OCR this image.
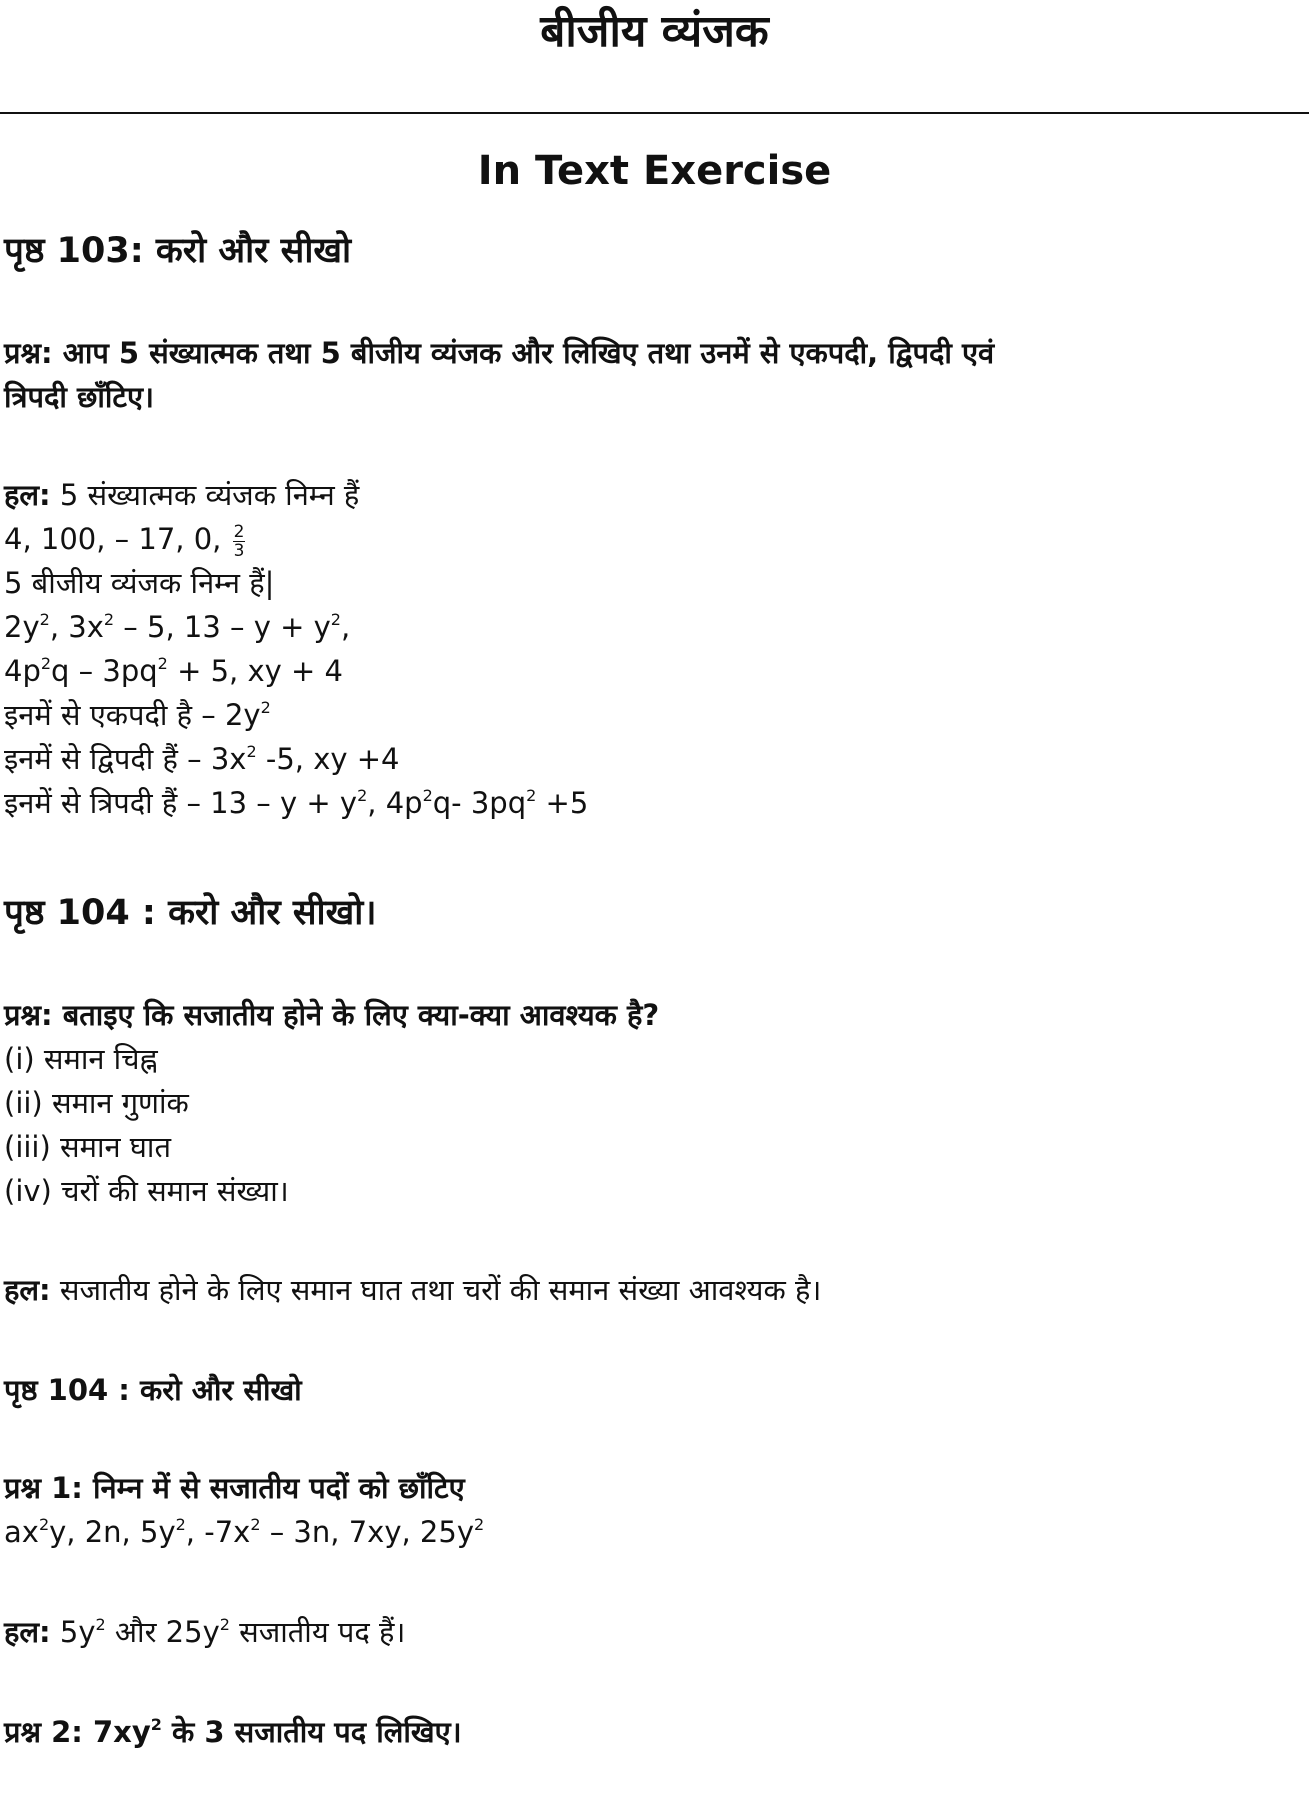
बीजीय व्यंजक
In Text Exercise
पृष्ठ 103: करो और सीखो
प्रश्न: आप 5 संख्यात्मक तथा 5 बीजीय व्यंजक और लिखिए तथा उनमें से एकपदी, द्विपदी एवं
त्रिपदी छाँटिए।
हल: 5 संख्यात्मक व्यंजक निम्न हैं
4, 100, – 17, 0, $\frac{2}{3}$
5 बीजीय व्यंजक निम्न हैं|
$2y^2$, $3x^2 - 5$, $13 - y + y^2$,
$4p^2q - 3pq^2 + 5$, xy + 4
इनमें से एकपदी है – $2y^2$
इनमें से द्विपदी हैं – $3x^2$ -5, xy +4
इनमें से त्रिपदी हैं – $13 - y + y^2$, $4p^2q-$ $3pq^2 +5$
पृष्ठ 104 : करो और सीखो।
प्रश्न: बताइए कि सजातीय होने के लिए क्या-क्या आवश्यक है?
(i) समान चिह्न
(ii) समान गुणांक
(iii) समान घात
(iv) चरों की समान संख्या।
हल: सजातीय होने के लिए समान घात तथा चरों की समान संख्या आवश्यक है।
पृष्ठ 104 : करो और सीखो
प्रश्न 1: निम्न में से सजातीय पदों को छाँटिए
$ax^2y$, 2n, $5y^2$, $-7x^2 - 3n$, 7xy, $25y^2$
हल: $5y^2$ और $25y^2$ सजातीय पद हैं।
प्रश्न 2: $7xy^2$ के 3 सजातीय पद लिखिए।
